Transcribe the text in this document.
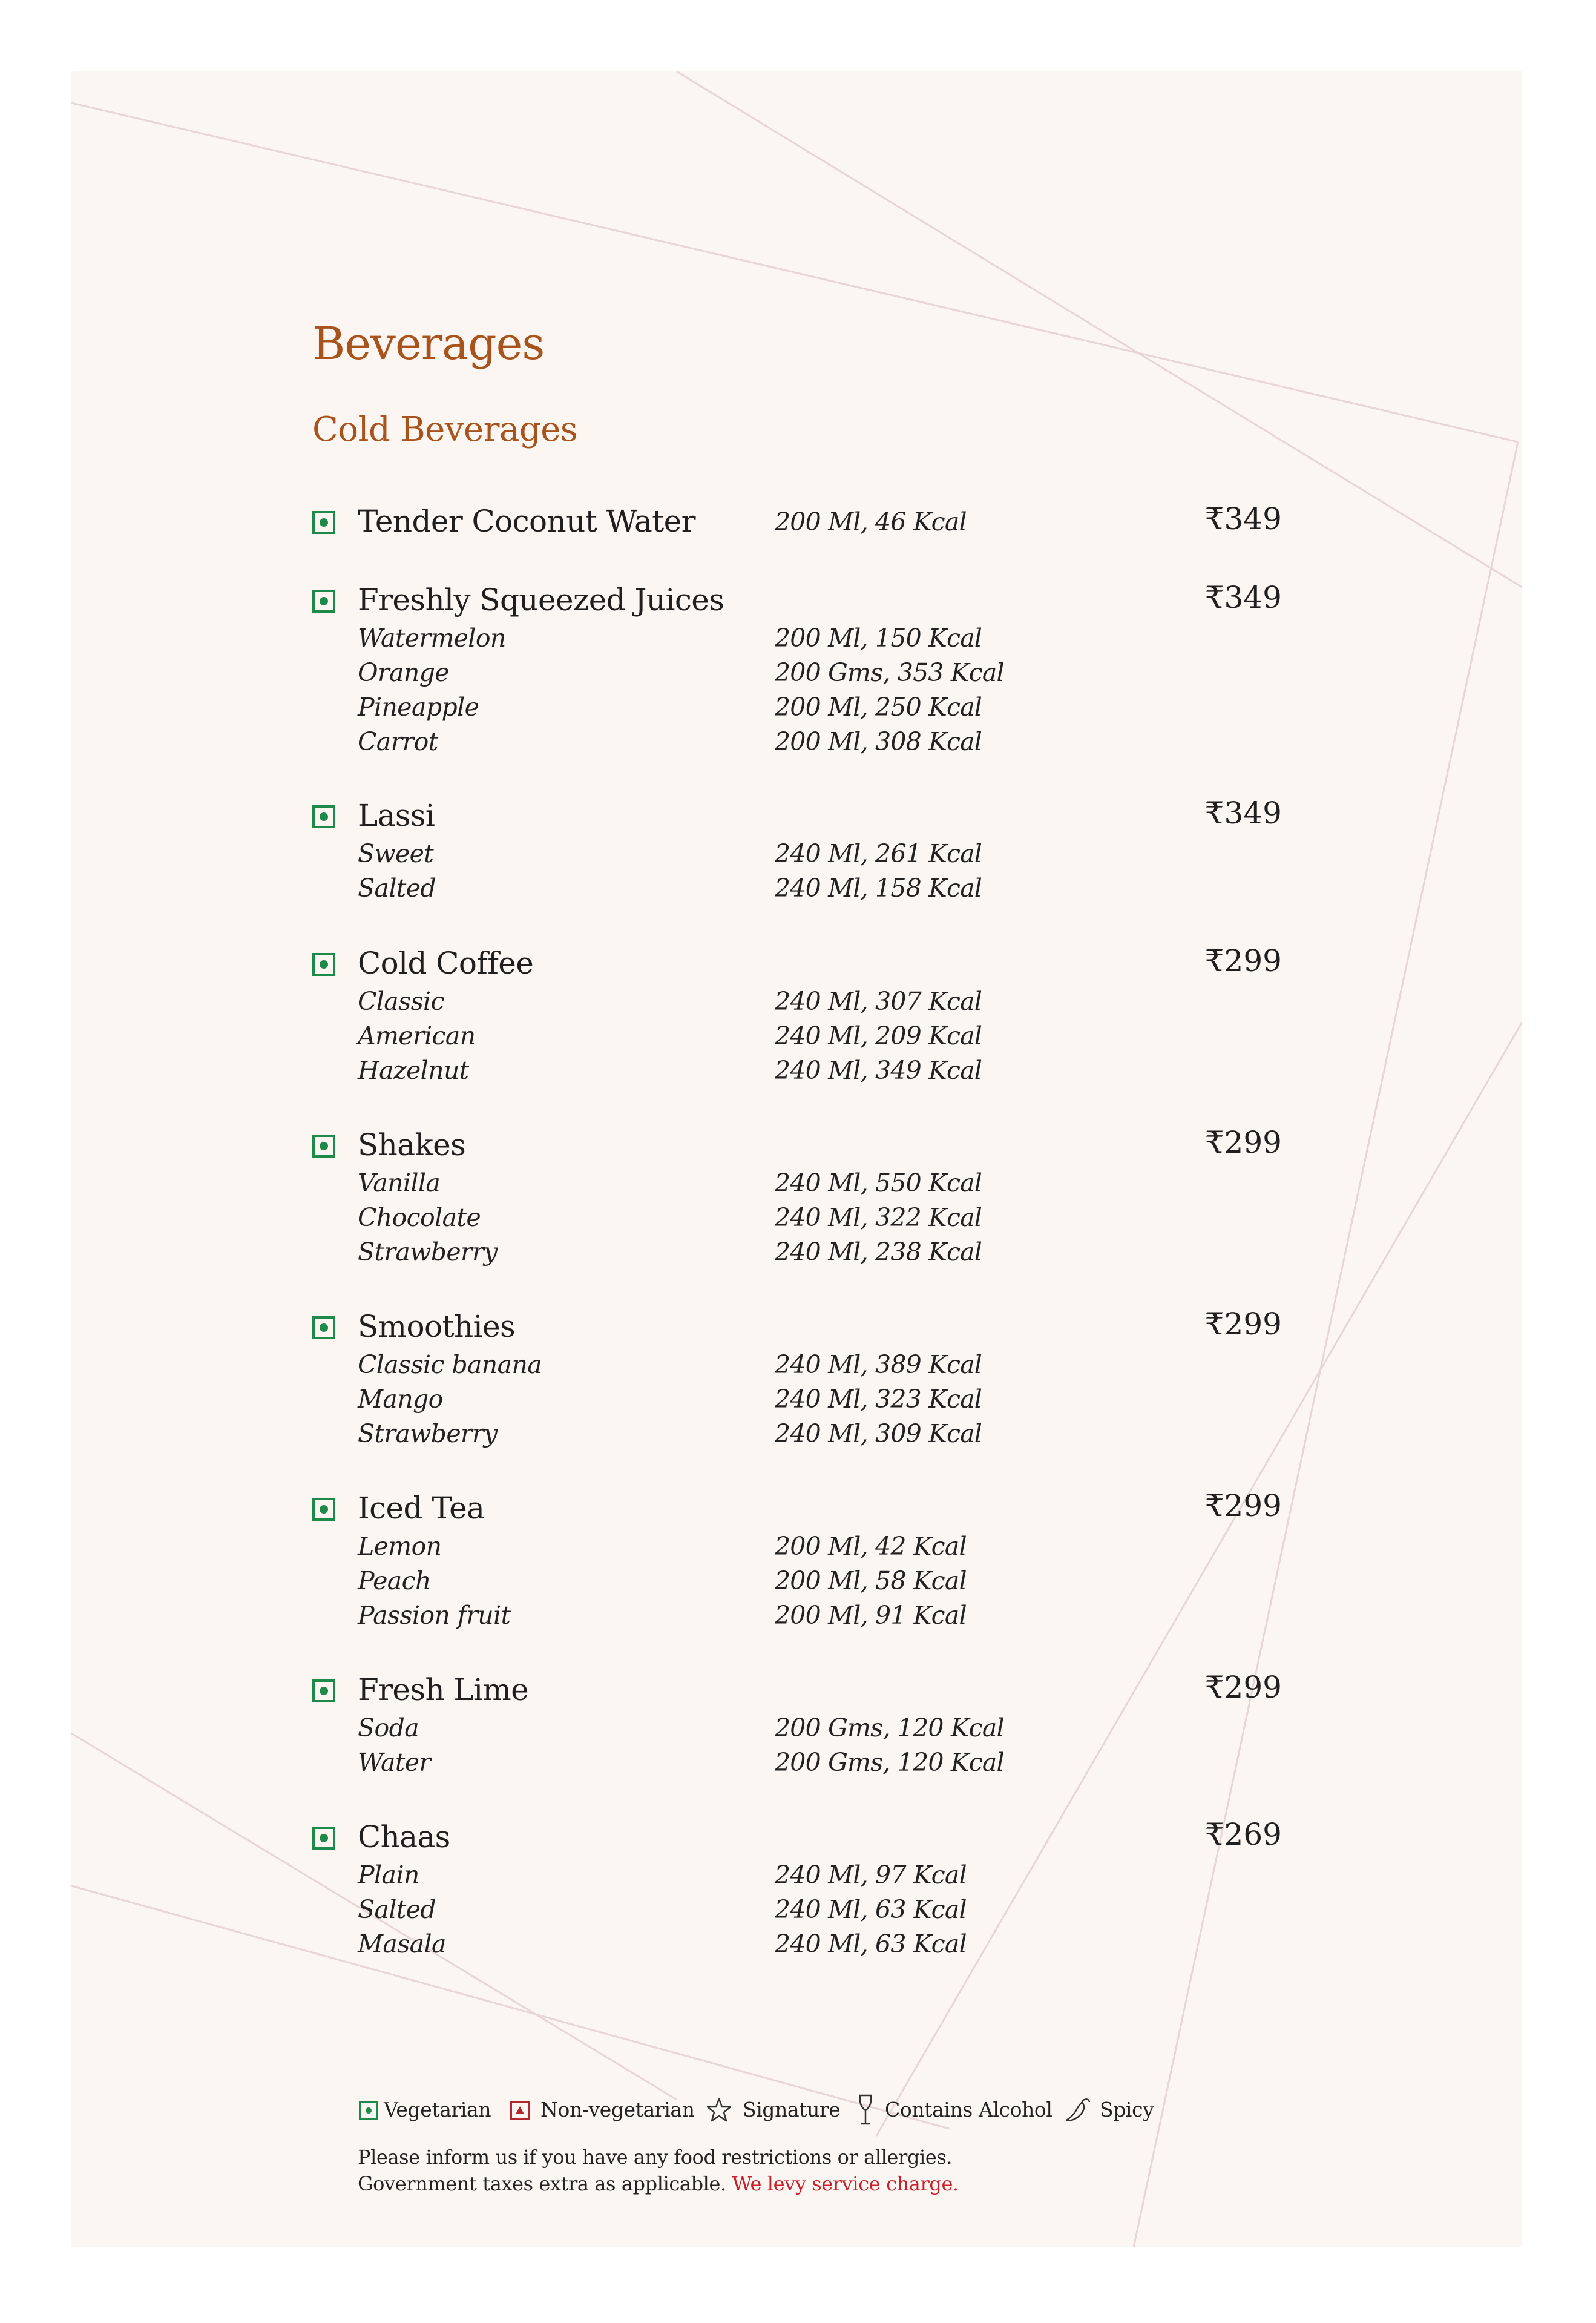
Beverages
Cold Beverages
Tender Coconut Water	200 Ml, 46 Kcal	₹349
Freshly Squeezed Juices	₹349
Watermelon	200 Ml, 150 Kcal
Orange	200 Gms, 353 Kcal
Pineapple	200 Ml, 250 Kcal
Carrot	200 Ml, 308 Kcal
Lassi	₹349
Sweet	240 Ml, 261 Kcal
Salted	240 Ml, 158 Kcal
Cold Coffee	₹299
Classic	240 Ml, 307 Kcal
American	240 Ml, 209 Kcal
Hazelnut	240 Ml, 349 Kcal
Shakes	₹299
Vanilla	240 Ml, 550 Kcal
Chocolate	240 Ml, 322 Kcal
Strawberry	240 Ml, 238 Kcal
Smoothies	₹299
Classic banana	240 Ml, 389 Kcal
Mango	240 Ml, 323 Kcal
Strawberry	240 Ml, 309 Kcal
Iced Tea	₹299
Lemon	200 Ml, 42 Kcal
Peach	200 Ml, 58 Kcal
Passion fruit	200 Ml, 91 Kcal
Fresh Lime	₹299
Soda	200 Gms, 120 Kcal
Water	200 Gms, 120 Kcal
Chaas	₹269
Plain	240 Ml, 97 Kcal
Salted	240 Ml, 63 Kcal
Masala	240 Ml, 63 Kcal
Vegetarian Non-vegetarian Signature Contains Alcohol Spicy
Please inform us if you have any food restrictions or allergies.
Government taxes extra as applicable. We levy service charge.
